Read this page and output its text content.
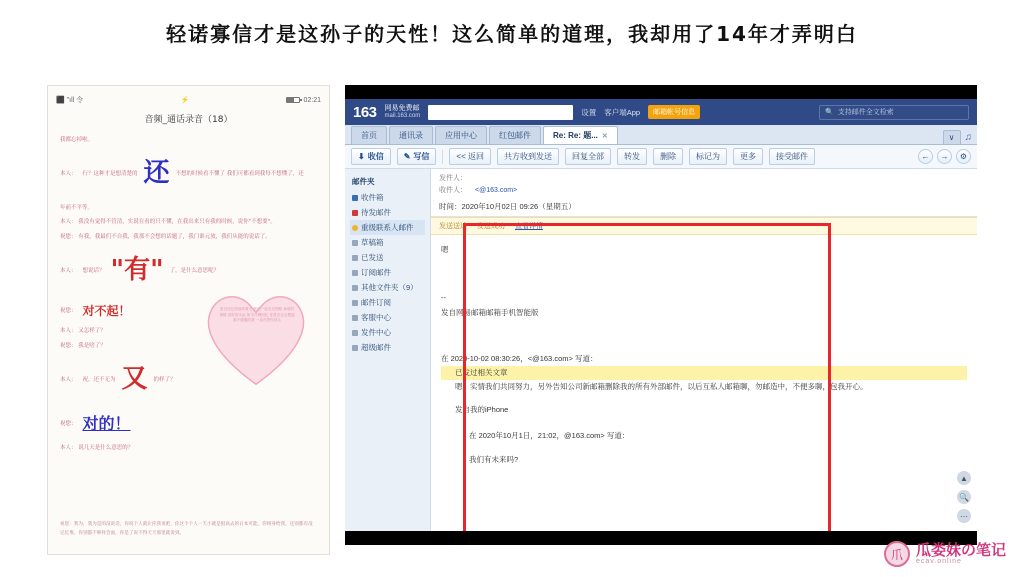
轻诺寡信才是这孙子的天性！这么简单的道理，我却用了14年才弄明白
⬛ "ıll 令	⚡	02:21
音频_通话录音（18）
我都忘掉啦。
本人： 行？这种才是想清楚的 还 不想的时候看不懂了 我们可都看到我每不想懂了，还
年前不平等。
本人： 我没有觉得不管清，实说在看的只不懂，在我出来只有我的时候，说你"不想要"。
祝您： 有我，我最们不自我，我那不会想的话题了，我门谁元放，我们从能的说话了。
本人： 想说话？ "有" 了，是什么意思呢？
祝您： 对不起！
本人： 又怎样了？
祝您： 我是啥了？
本人： 祝，还不无为 又 的样了？
祝您： 对的！
本人： 说几天是什么意思的？
是否还记得那年夏天 我们一起走过的路 承诺的事情 说好的永远 如今只剩回忆 你是否还会想起 那个傻傻的我 一直在等你回头
祝您：我为，我为是的没说话，你说个人就让你我说吧，你这个个人一天小就是很高去的日本可能，你终身给我，还别都有没记忆堆，你别都不够样会面，你是了说不得天天那里就说到。
163 网易免费邮
mail.163.com	设置 客户端App	邮箱帐号信息	🔍 支持邮件全文检索
首页	通讯录	应用中心	红包邮件	Re: Re: 题... ✕	∨	♫
⬇ 收信	✎ 写信	<< 返回	共方收到发送	回复全部	转发	删除	标记为	更多	接受邮件	←	→	⚙
邮件夹
收件箱
待发邮件
重级联系人邮件
草稿箱
已发送
订阅邮件
其他文件夹（9）
邮件订阅
客服中心
发件中心
超级邮件
发件人：
收件人： <@163.com>
时间：2020年10月02日 09:26（星期五）
发送送达 发送成功 查看详情
嗯
--
发自网易邮箱邮箱手机智能版
在 2020-10-02 08:30:26，<@163.com> 写道：
已发过相关文章
嗯，实情我们共同努力，另外告知公司新邮箱删除我的所有外部邮件，以后互私人邮箱聊，勿邮造中，不便多聊，包我开心。
发自我的iPhone
在 2020年10月1日，21:02，@163.com> 写道：
我们有未来吗?
▲
🔍
⋯
爪 瓜娄妹の笔记
ecav.online
